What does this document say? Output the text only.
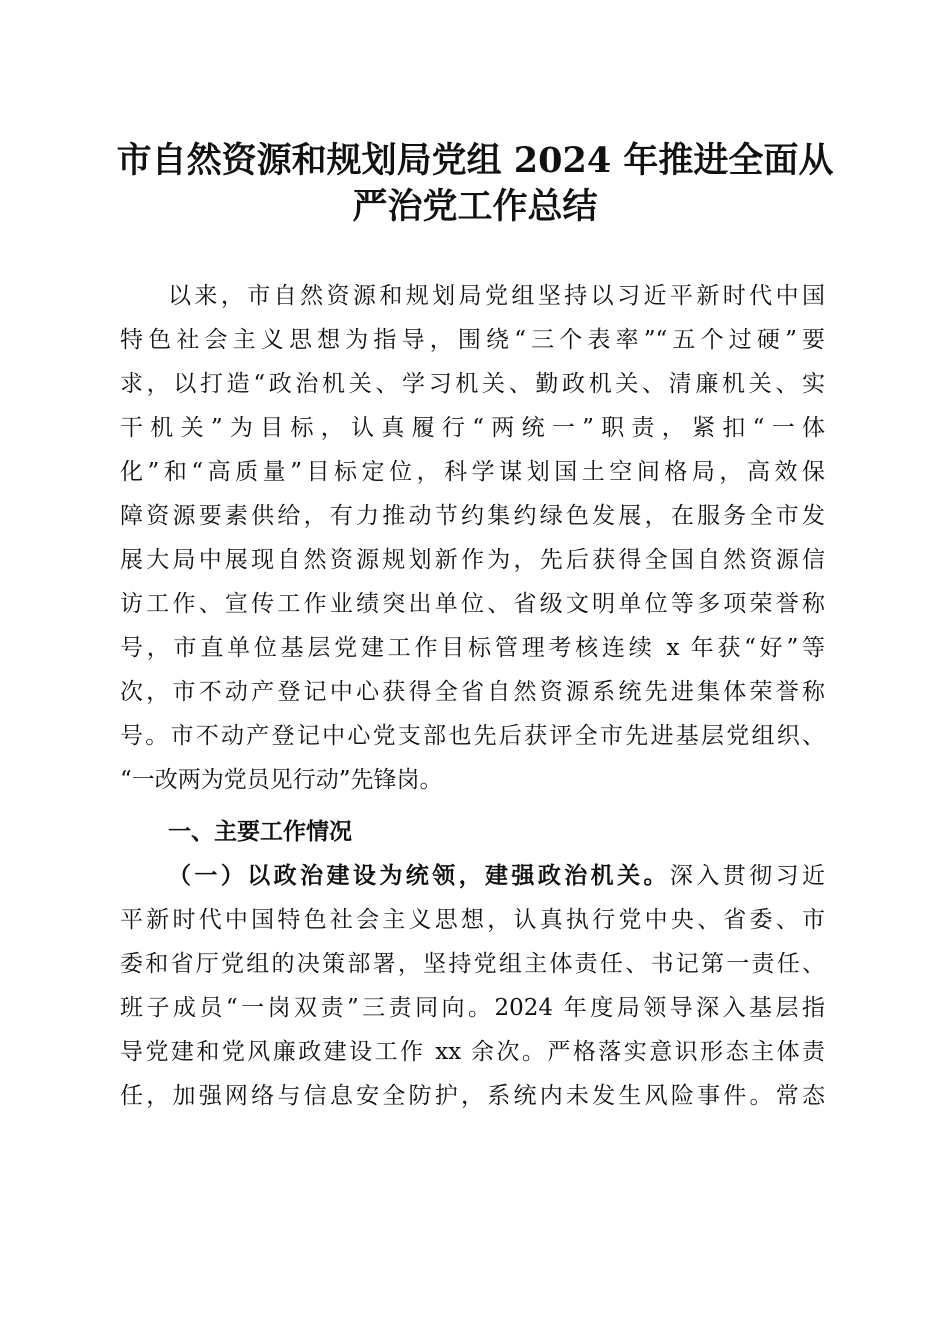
市自然资源和规划局党组 2024 年推进全面从
严治党工作总结
以来，市自然资源和规划局党组坚持以习近平新时代中国
特色社会主义思想为指导，围绕“三个表率”“五个过硬”要
求，以打造“政治机关、学习机关、勤政机关、清廉机关、实
干机关”为目标，认真履行“两统一”职责，紧扣“一体
化”和“高质量”目标定位，科学谋划国土空间格局，高效保
障资源要素供给，有力推动节约集约绿色发展，在服务全市发
展大局中展现自然资源规划新作为，先后获得全国自然资源信
访工作、宣传工作业绩突出单位、省级文明单位等多项荣誉称
号，市直单位基层党建工作目标管理考核连续 x 年获“好”等
次，市不动产登记中心获得全省自然资源系统先进集体荣誉称
号。市不动产登记中心党支部也先后获评全市先进基层党组织、
“一改两为党员见行动”先锋岗。
一、主要工作情况
（一）以政治建设为统领，建强政治机关。深入贯彻习近
平新时代中国特色社会主义思想，认真执行党中央、省委、市
委和省厅党组的决策部署，坚持党组主体责任、书记第一责任、
班子成员“一岗双责”三责同向。2024 年度局领导深入基层指
导党建和党风廉政建设工作 xx 余次。严格落实意识形态主体责
任，加强网络与信息安全防护，系统内未发生风险事件。常态
